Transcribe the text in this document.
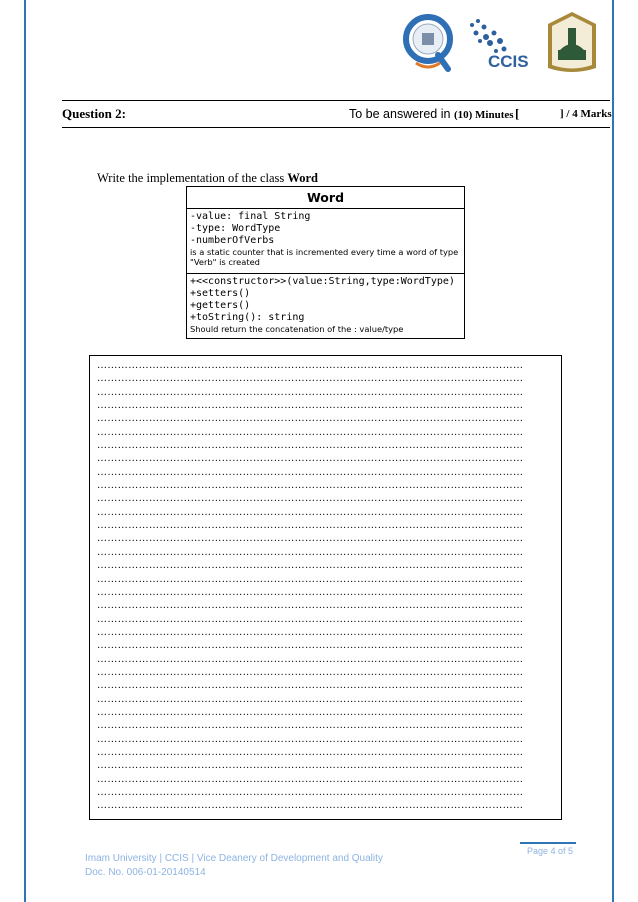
CCIS
Question 2:	To be answered in (10) Minutes [	] / 4 Marks
Write the implementation of the class Word
Word
-value: final String
-type: WordType
-numberOfVerbs
is a static counter that is incremented every time a word of type
"Verb" is created
+<<constructor>>(value:String,type:WordType)
+setters()
+getters()
+toString(): string
Should return the concatenation of the : value/type
……………………………………………………………………………………………………………
……………………………………………………………………………………………………………
……………………………………………………………………………………………………………
……………………………………………………………………………………………………………
……………………………………………………………………………………………………………
……………………………………………………………………………………………………………
……………………………………………………………………………………………………………
……………………………………………………………………………………………………………
……………………………………………………………………………………………………………
……………………………………………………………………………………………………………
……………………………………………………………………………………………………………
……………………………………………………………………………………………………………
……………………………………………………………………………………………………………
……………………………………………………………………………………………………………
……………………………………………………………………………………………………………
……………………………………………………………………………………………………………
……………………………………………………………………………………………………………
……………………………………………………………………………………………………………
……………………………………………………………………………………………………………
……………………………………………………………………………………………………………
……………………………………………………………………………………………………………
……………………………………………………………………………………………………………
……………………………………………………………………………………………………………
……………………………………………………………………………………………………………
……………………………………………………………………………………………………………
……………………………………………………………………………………………………………
……………………………………………………………………………………………………………
……………………………………………………………………………………………………………
……………………………………………………………………………………………………………
……………………………………………………………………………………………………………
……………………………………………………………………………………………………………
……………………………………………………………………………………………………………
……………………………………………………………………………………………………………
……………………………………………………………………………………………………………
Imam University | CCIS | Vice Deanery of Development and Quality
Doc. No. 006-01-20140514
Page 4 of 5
